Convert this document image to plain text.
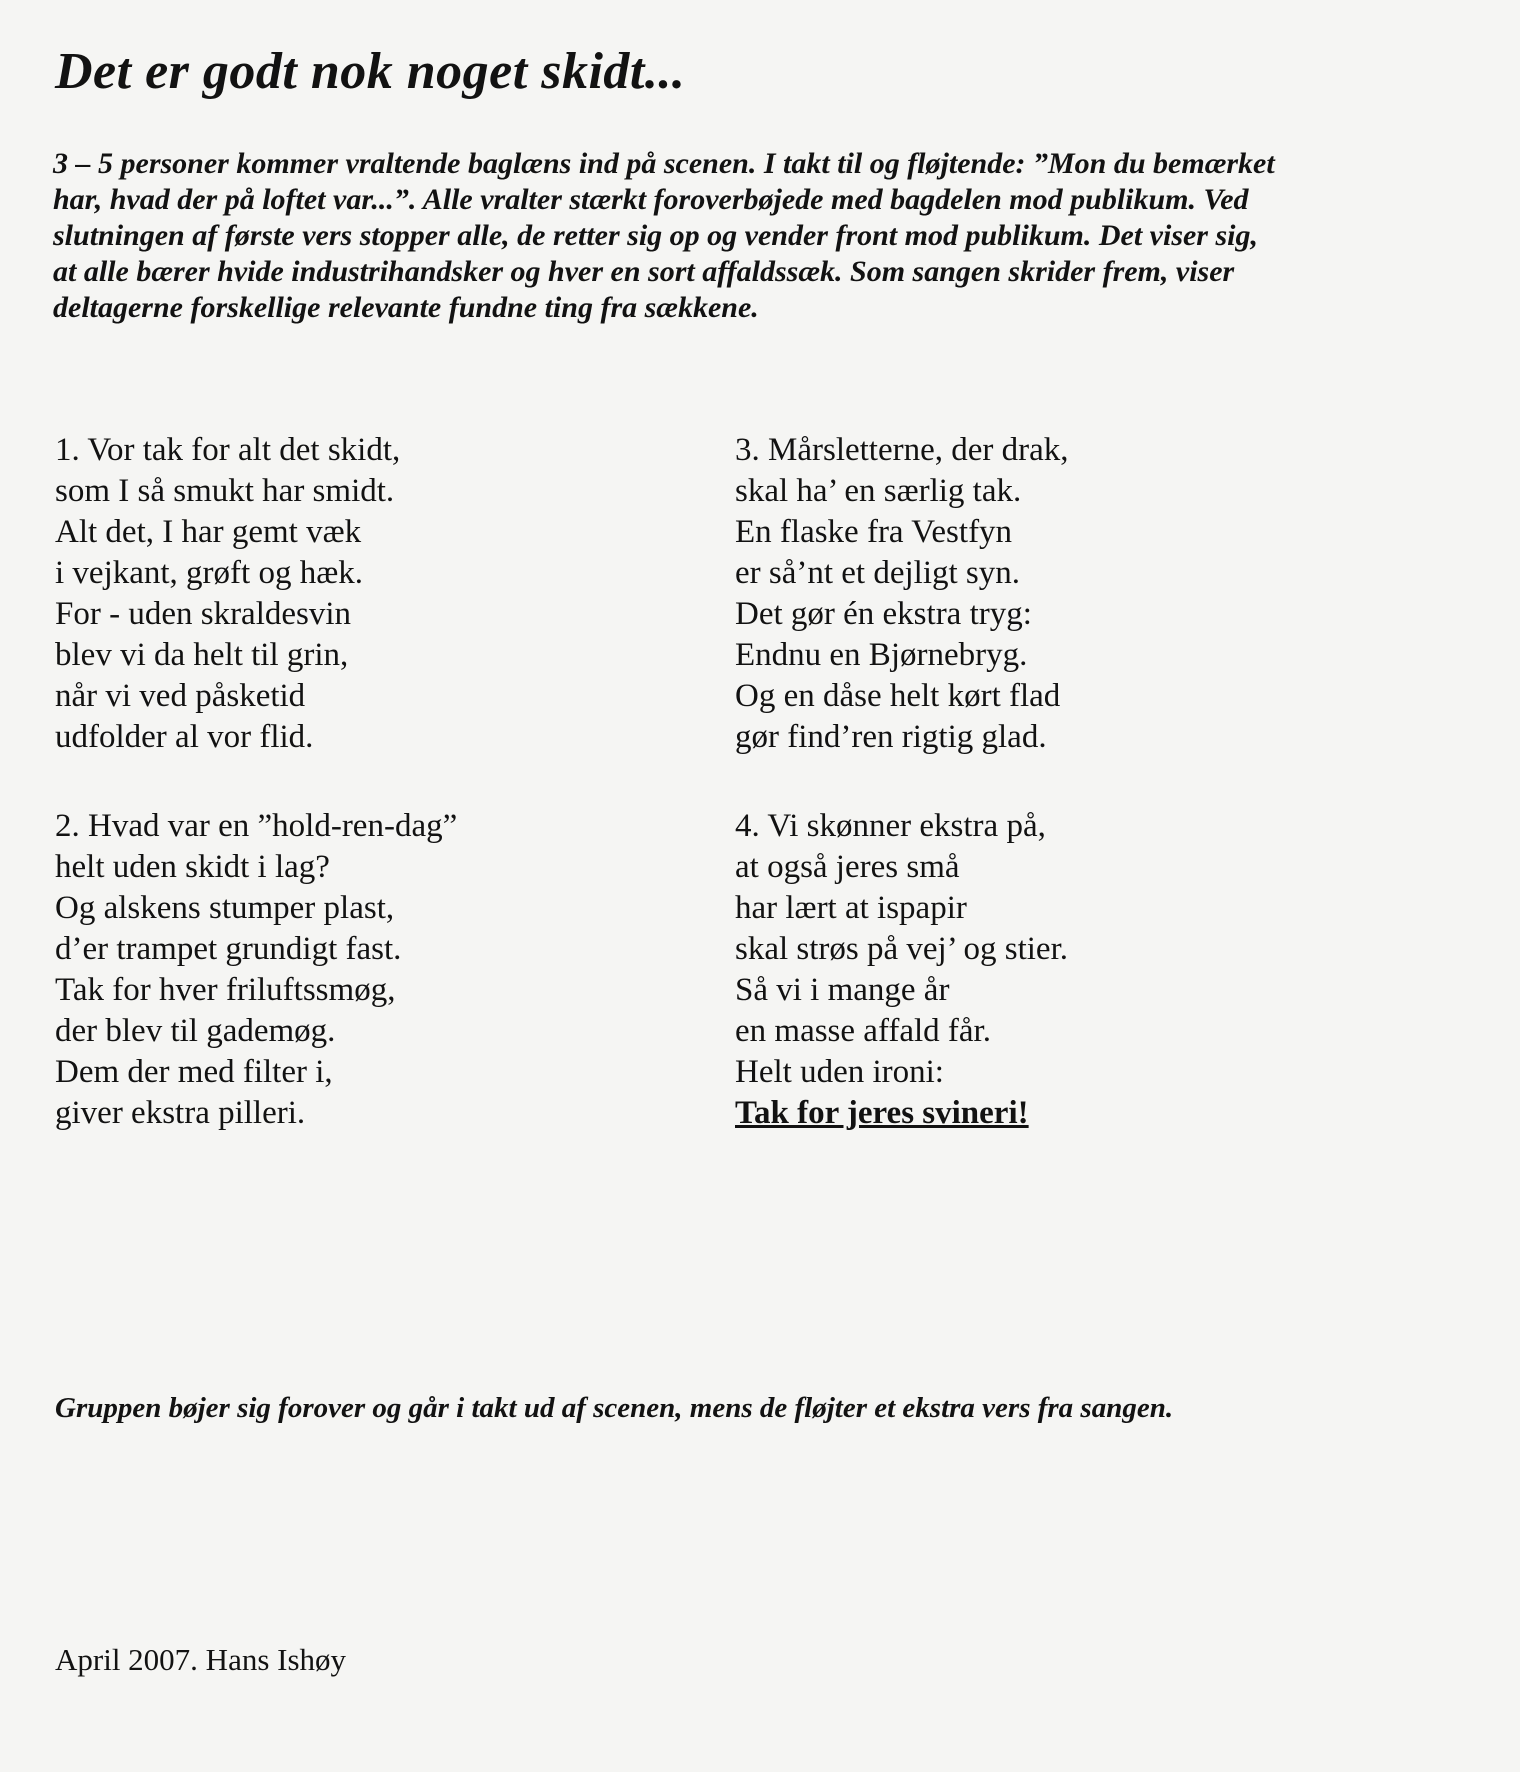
Det er godt nok noget skidt...
3 – 5 personer kommer vraltende baglæns ind på scenen. I takt til og fløjtende: ”Mon du bemærket
har, hvad der på loftet var...”. Alle vralter stærkt foroverbøjede med bagdelen mod publikum. Ved
slutningen af første vers stopper alle, de retter sig op og vender front mod publikum. Det viser sig,
at alle bærer hvide industrihandsker og hver en sort affaldssæk. Som sangen skrider frem, viser
deltagerne forskellige relevante fundne ting fra sækkene.
1. Vor tak for alt det skidt,
som I så smukt har smidt.
Alt det, I har gemt væk
i vejkant, grøft og hæk.
For - uden skraldesvin
blev vi da helt til grin,
når vi ved påsketid
udfolder al vor flid.
2. Hvad var en ”hold-ren-dag”
helt uden skidt i lag?
Og alskens stumper plast,
d’er trampet grundigt fast.
Tak for hver friluftssmøg,
der blev til gademøg.
Dem der med filter i,
giver ekstra pilleri.
3. Mårsletterne, der drak,
skal ha’ en særlig tak.
En flaske fra Vestfyn
er så’nt et dejligt syn.
Det gør én ekstra tryg:
Endnu en Bjørnebryg.
Og en dåse helt kørt flad
gør find’ren rigtig glad.
4. Vi skønner ekstra på,
at også jeres små
har lært at ispapir
skal strøs på vej’ og stier.
Så vi i mange år
en masse affald får.
Helt uden ironi:
Tak for jeres svineri!
Gruppen bøjer sig forover og går i takt ud af scenen, mens de fløjter et ekstra vers fra sangen.
April 2007. Hans Ishøy
